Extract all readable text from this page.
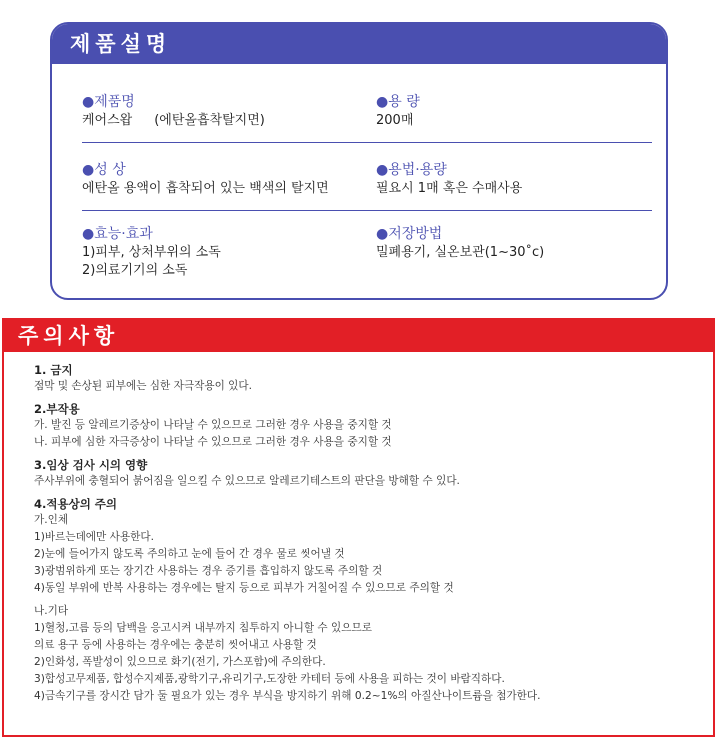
제품설명
●제품명
케어스왑 (에탄올흡착탈지면)
●용 량
200매
●성 상
에탄올 용액이 흡착되어 있는 백색의 탈지면
●용법·용량
필요시 1매 혹은 수매사용
●효능·효과
1)피부, 상처부위의 소독
2)의료기기의 소독
●저장방법
밀폐용기, 실온보관(1~30˚c)
주의사항
1. 금지
점막 및 손상된 피부에는 심한 자극작용이 있다.
2.부작용
가. 발진 등 알레르기증상이 나타날 수 있으므로 그러한 경우 사용을 중지할 것
나. 피부에 심한 자극증상이 나타날 수 있으므로 그러한 경우 사용을 중지할 것
3.임상 검사 시의 영향
주사부위에 충혈되어 붉어짐을 일으킬 수 있으므로 알레르기테스트의 판단을 방해할 수 있다.
4.적용상의 주의
가.인체
1)바르는데에만 사용한다.
2)눈에 들어가지 않도록 주의하고 눈에 들어 간 경우 물로 씻어낼 것
3)광범위하게 또는 장기간 사용하는 경우 증기를 흡입하지 않도록 주의할 것
4)동일 부위에 반복 사용하는 경우에는 탈지 등으로 피부가 거칠어질 수 있으므로 주의할 것
나.기타
1)혈청,고름 등의 담백을 응고시켜 내부까지 침투하지 아니할 수 있으므로
의료 용구 등에 사용하는 경우에는 충분히 씻어내고 사용할 것
2)인화성, 폭발성이 있으므로 화기(전기, 가스포함)에 주의한다.
3)합성고무제품, 합성수지제품,광학기구,유리기구,도장한 카테터 등에 사용을 피하는 것이 바람직하다.
4)금속기구를 장시간 담가 둘 필요가 있는 경우 부식을 방지하기 위해 0.2~1%의 아질산나이트륨을 첨가한다.
